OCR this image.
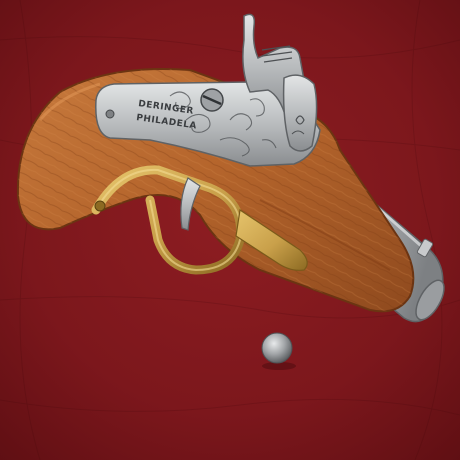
DERINGER
PHILADELA
